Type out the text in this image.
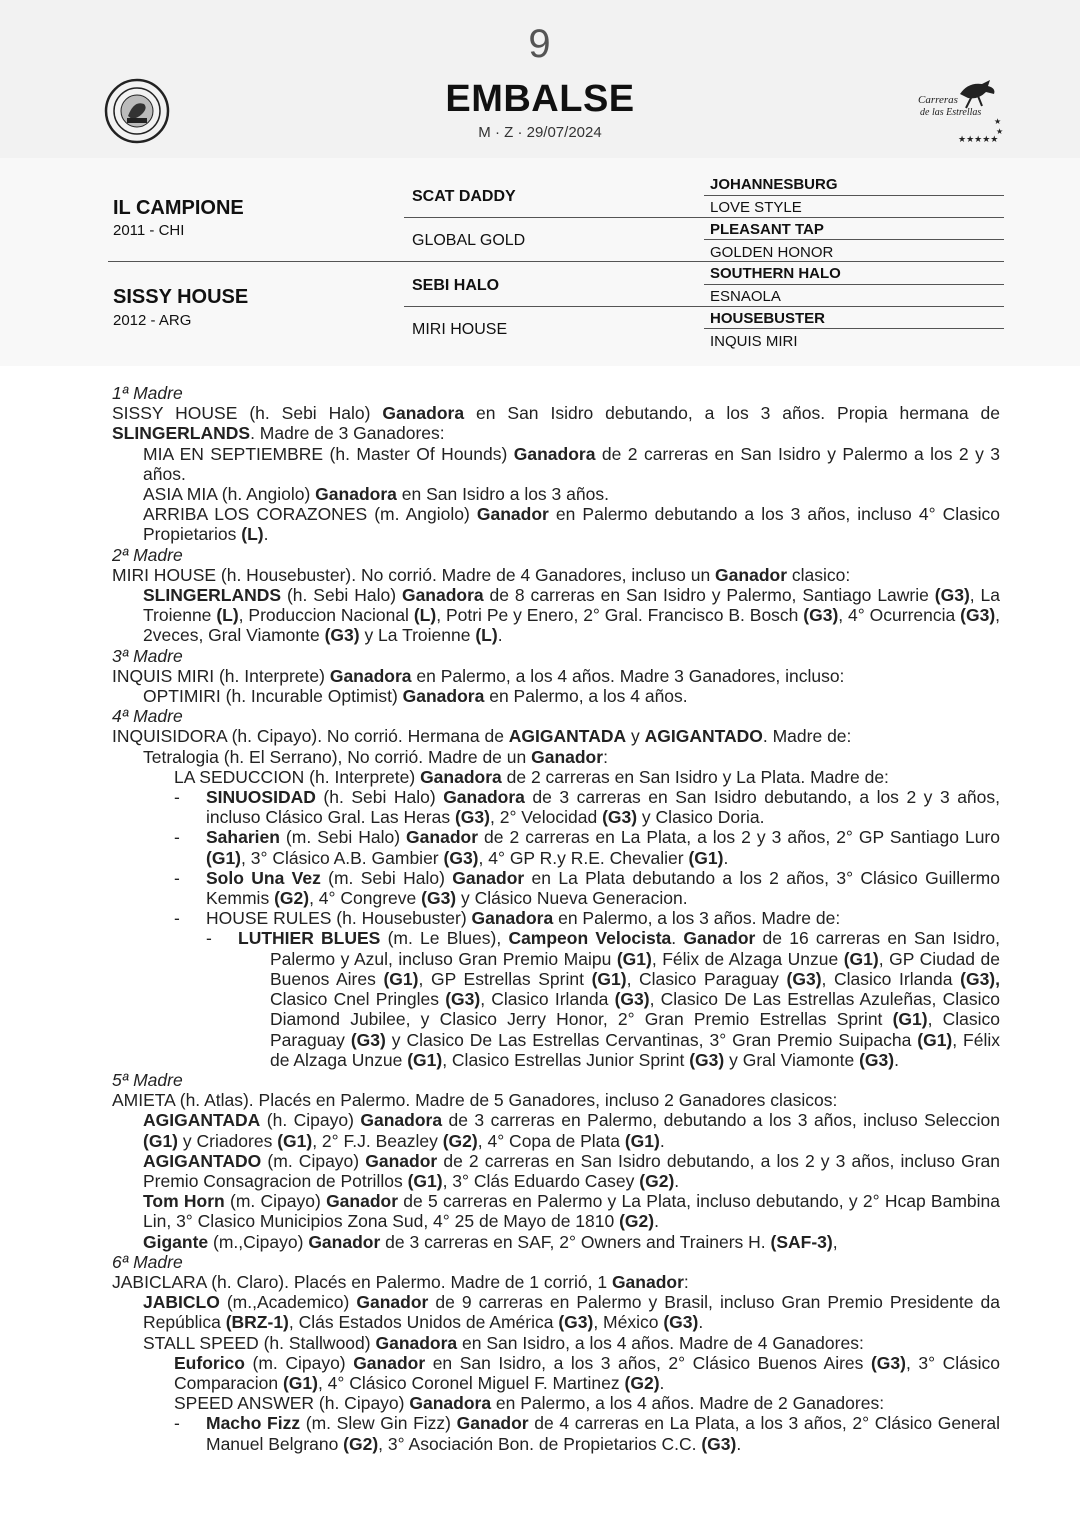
9
EMBALSE
M · Z · 29/07/2024
Carreras
de las Estrellas
★★★★★
★
★
IL CAMPIONE
2011 - CHI
SISSY HOUSE
2012 - ARG
SCAT DADDY
GLOBAL GOLD
SEBI HALO
MIRI HOUSE
JOHANNESBURG
LOVE STYLE
PLEASANT TAP
GOLDEN HONOR
SOUTHERN HALO
ESNAOLA
HOUSEBUSTER
INQUIS MIRI

1ª Madre

SISSY HOUSE (h. Sebi Halo) Ganadora en San Isidro debutando, a los 3 años. Propia hermana de SLINGERLANDS. Madre de 3 Ganadores:

MIA EN SEPTIEMBRE (h. Master Of Hounds) Ganadora de 2 carreras en San Isidro y Palermo a los 2 y 3 años.

ASIA MIA (h. Angiolo) Ganadora en San Isidro a los 3 años.

ARRIBA LOS CORAZONES (m. Angiolo) Ganador en Palermo debutando a los 3 años, incluso 4° Clasico Propietarios (L).

2ª Madre

MIRI HOUSE (h. Housebuster). No corrió. Madre de 4 Ganadores, incluso un Ganador clasico:

SLINGERLANDS (h. Sebi Halo) Ganadora de 8 carreras en San Isidro y Palermo, Santiago Lawrie (G3), La Troienne (L), Produccion Nacional (L), Potri Pe y Enero, 2° Gral. Francisco B. Bosch (G3), 4° Ocurrencia (G3), 2veces, Gral Viamonte (G3) y La Troienne (L).

3ª Madre

INQUIS MIRI (h. Interprete) Ganadora en Palermo, a los 4 años. Madre 3 Ganadores, incluso:

OPTIMIRI (h. Incurable Optimist) Ganadora en Palermo, a los 4 años.

4ª Madre

INQUISIDORA (h. Cipayo). No corrió. Hermana de AGIGANTADA y AGIGANTADO. Madre de:

Tetralogia (h. El Serrano), No corrió. Madre de un Ganador:

LA SEDUCCION (h. Interprete) Ganadora de 2 carreras en San Isidro y La Plata. Madre de:

- SINUOSIDAD (h. Sebi Halo) Ganadora de 3 carreras en San Isidro debutando, a los 2 y 3 años, incluso Clásico Gral. Las Heras (G3), 2° Velocidad (G3) y Clasico Doria.

- Saharien (m. Sebi Halo) Ganador de 2 carreras en La Plata, a los 2 y 3 años, 2° GP Santiago Luro (G1), 3° Clásico A.B. Gambier (G3), 4° GP R.y R.E. Chevalier (G1).

- Solo Una Vez (m. Sebi Halo) Ganador en La Plata debutando a los 2 años, 3° Clásico Guillermo Kemmis (G2), 4° Congreve (G3) y Clásico Nueva Generacion.

- HOUSE RULES (h. Housebuster) Ganadora en Palermo, a los 3 años. Madre de:

- LUTHIER BLUES (m. Le Blues), Campeon Velocista. Ganador de 16 carreras en San Isidro, Palermo y Azul, incluso Gran Premio Maipu (G1), Félix de Alzaga Unzue (G1), GP Ciudad de Buenos Aires (G1), GP Estrellas Sprint (G1), Clasico Paraguay (G3), Clasico Irlanda (G3), Clasico Cnel Pringles (G3), Clasico Irlanda (G3), Clasico De Las Estrellas Azuleñas, Clasico Diamond Jubilee, y Clasico Jerry Honor, 2° Gran Premio Estrellas Sprint (G1), Clasico Paraguay (G3) y Clasico De Las Estrellas Cervantinas, 3° Gran Premio Suipacha (G1), Félix de Alzaga Unzue (G1), Clasico Estrellas Junior Sprint (G3) y Gral Viamonte (G3).

5ª Madre

AMIETA (h. Atlas). Placés en Palermo. Madre de 5 Ganadores, incluso 2 Ganadores clasicos:

AGIGANTADA (h. Cipayo) Ganadora de 3 carreras en Palermo, debutando a los 3 años, incluso Seleccion (G1) y Criadores (G1), 2° F.J. Beazley (G2), 4° Copa de Plata (G1).

AGIGANTADO (m. Cipayo) Ganador de 2 carreras en San Isidro debutando, a los 2 y 3 años, incluso Gran Premio Consagracion de Potrillos (G1), 3° Clás Eduardo Casey (G2).

Tom Horn (m. Cipayo) Ganador de 5 carreras en Palermo y La Plata, incluso debutando, y 2° Hcap Bambina Lin, 3° Clasico Municipios Zona Sud, 4° 25 de Mayo de 1810 (G2).

Gigante (m.,Cipayo) Ganador de 3 carreras en SAF, 2° Owners and Trainers H. (SAF-3),

6ª Madre

JABICLARA (h. Claro). Placés en Palermo. Madre de 1 corrió, 1 Ganador:

JABICLO (m.,Academico) Ganador de 9 carreras en Palermo y Brasil, incluso Gran Premio Presidente da República (BRZ-1), Clás Estados Unidos de América (G3), México (G3).

STALL SPEED (h. Stallwood) Ganadora en San Isidro, a los 4 años. Madre de 4 Ganadores:

Euforico (m. Cipayo) Ganador en San Isidro, a los 3 años, 2° Clásico Buenos Aires (G3), 3° Clásico Comparacion (G1), 4° Clásico Coronel Miguel F. Martinez (G2).

SPEED ANSWER (h. Cipayo) Ganadora en Palermo, a los 4 años. Madre de 2 Ganadores:

- Macho Fizz (m. Slew Gin Fizz) Ganador de 4 carreras en La Plata, a los 3 años, 2° Clásico General Manuel Belgrano (G2), 3° Asociación Bon. de Propietarios C.C. (G3).
